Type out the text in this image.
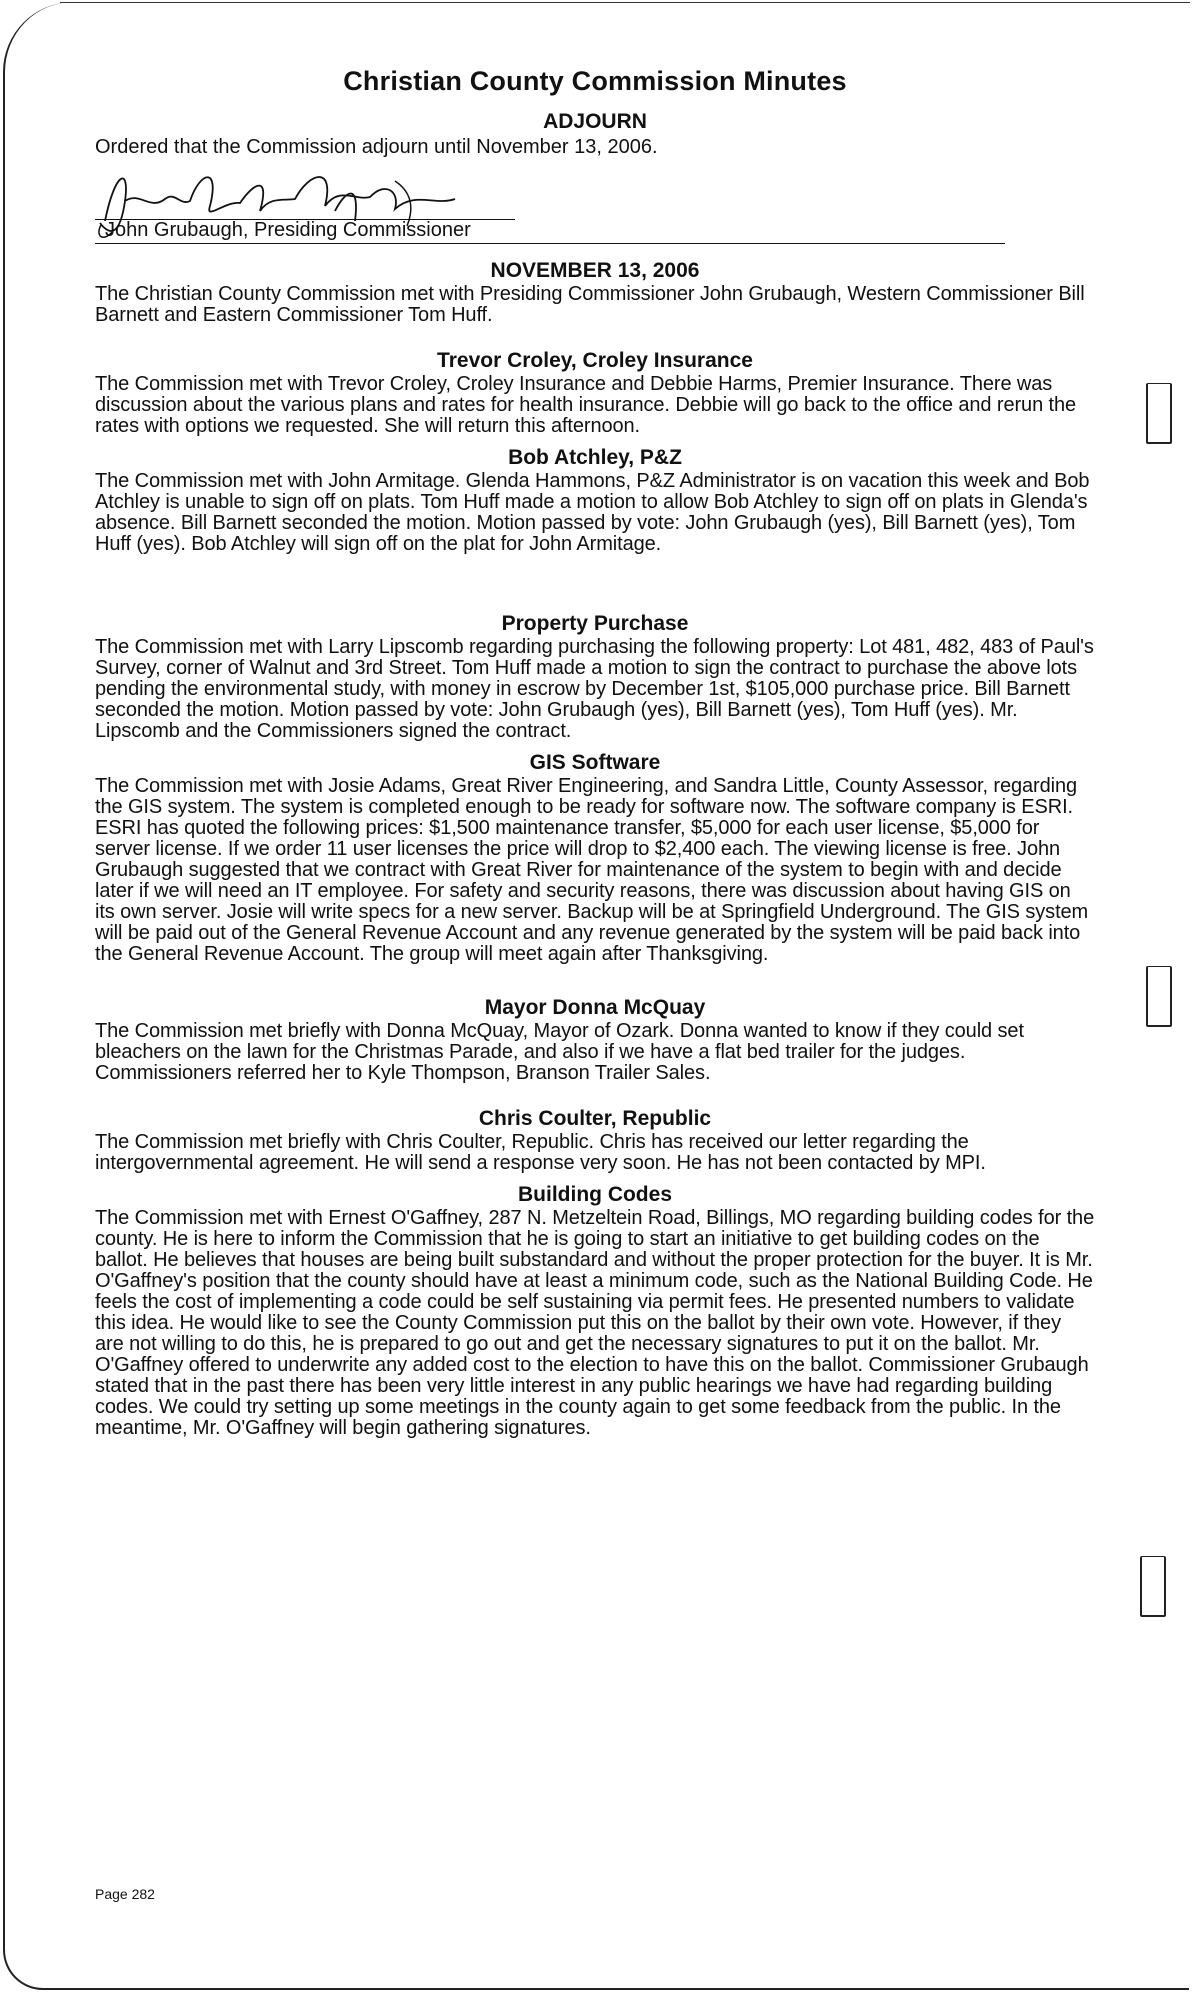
Christian County Commission Minutes
ADJOURN

Ordered that the Commission adjourn until November 13, 2006.

John Grubaugh, Presiding Commissioner
NOVEMBER 13, 2006

The Christian County Commission met with Presiding Commissioner John Grubaugh, Western Commissioner Bill Barnett and Eastern Commissioner Tom Huff.

Trevor Croley, Croley Insurance

The Commission met with Trevor Croley, Croley Insurance and Debbie Harms, Premier Insurance. There was discussion about the various plans and rates for health insurance. Debbie will go back to the office and rerun the rates with options we requested. She will return this afternoon.

Bob Atchley, P&Z

The Commission met with John Armitage. Glenda Hammons, P&Z Administrator is on vacation this week and Bob Atchley is unable to sign off on plats. Tom Huff made a motion to allow Bob Atchley to sign off on plats in Glenda's absence. Bill Barnett seconded the motion. Motion passed by vote: John Grubaugh (yes), Bill Barnett (yes), Tom Huff (yes). Bob Atchley will sign off on the plat for John Armitage.

Property Purchase

The Commission met with Larry Lipscomb regarding purchasing the following property: Lot 481, 482, 483 of Paul's Survey, corner of Walnut and 3rd Street. Tom Huff made a motion to sign the contract to purchase the above lots pending the environmental study, with money in escrow by December 1st, $105,000 purchase price. Bill Barnett seconded the motion. Motion passed by vote: John Grubaugh (yes), Bill Barnett (yes), Tom Huff (yes). Mr. Lipscomb and the Commissioners signed the contract.

GIS Software

The Commission met with Josie Adams, Great River Engineering, and Sandra Little, County Assessor, regarding the GIS system. The system is completed enough to be ready for software now. The software company is ESRI. ESRI has quoted the following prices: $1,500 maintenance transfer, $5,000 for each user license, $5,000 for server license. If we order 11 user licenses the price will drop to $2,400 each. The viewing license is free. John Grubaugh suggested that we contract with Great River for maintenance of the system to begin with and decide later if we will need an IT employee. For safety and security reasons, there was discussion about having GIS on its own server. Josie will write specs for a new server. Backup will be at Springfield Underground. The GIS system will be paid out of the General Revenue Account and any revenue generated by the system will be paid back into the General Revenue Account. The group will meet again after Thanksgiving.

Mayor Donna McQuay

The Commission met briefly with Donna McQuay, Mayor of Ozark. Donna wanted to know if they could set bleachers on the lawn for the Christmas Parade, and also if we have a flat bed trailer for the judges. Commissioners referred her to Kyle Thompson, Branson Trailer Sales.

Chris Coulter, Republic

The Commission met briefly with Chris Coulter, Republic. Chris has received our letter regarding the intergovernmental agreement. He will send a response very soon. He has not been contacted by MPI.

Building Codes

The Commission met with Ernest O'Gaffney, 287 N. Metzeltein Road, Billings, MO regarding building codes for the county. He is here to inform the Commission that he is going to start an initiative to get building codes on the ballot. He believes that houses are being built substandard and without the proper protection for the buyer. It is Mr. O'Gaffney's position that the county should have at least a minimum code, such as the National Building Code. He feels the cost of implementing a code could be self sustaining via permit fees. He presented numbers to validate this idea. He would like to see the County Commission put this on the ballot by their own vote. However, if they are not willing to do this, he is prepared to go out and get the necessary signatures to put it on the ballot. Mr. O'Gaffney offered to underwrite any added cost to the election to have this on the ballot. Commissioner Grubaugh stated that in the past there has been very little interest in any public hearings we have had regarding building codes. We could try setting up some meetings in the county again to get some feedback from the public. In the meantime, Mr. O'Gaffney will begin gathering signatures.

Page 282
